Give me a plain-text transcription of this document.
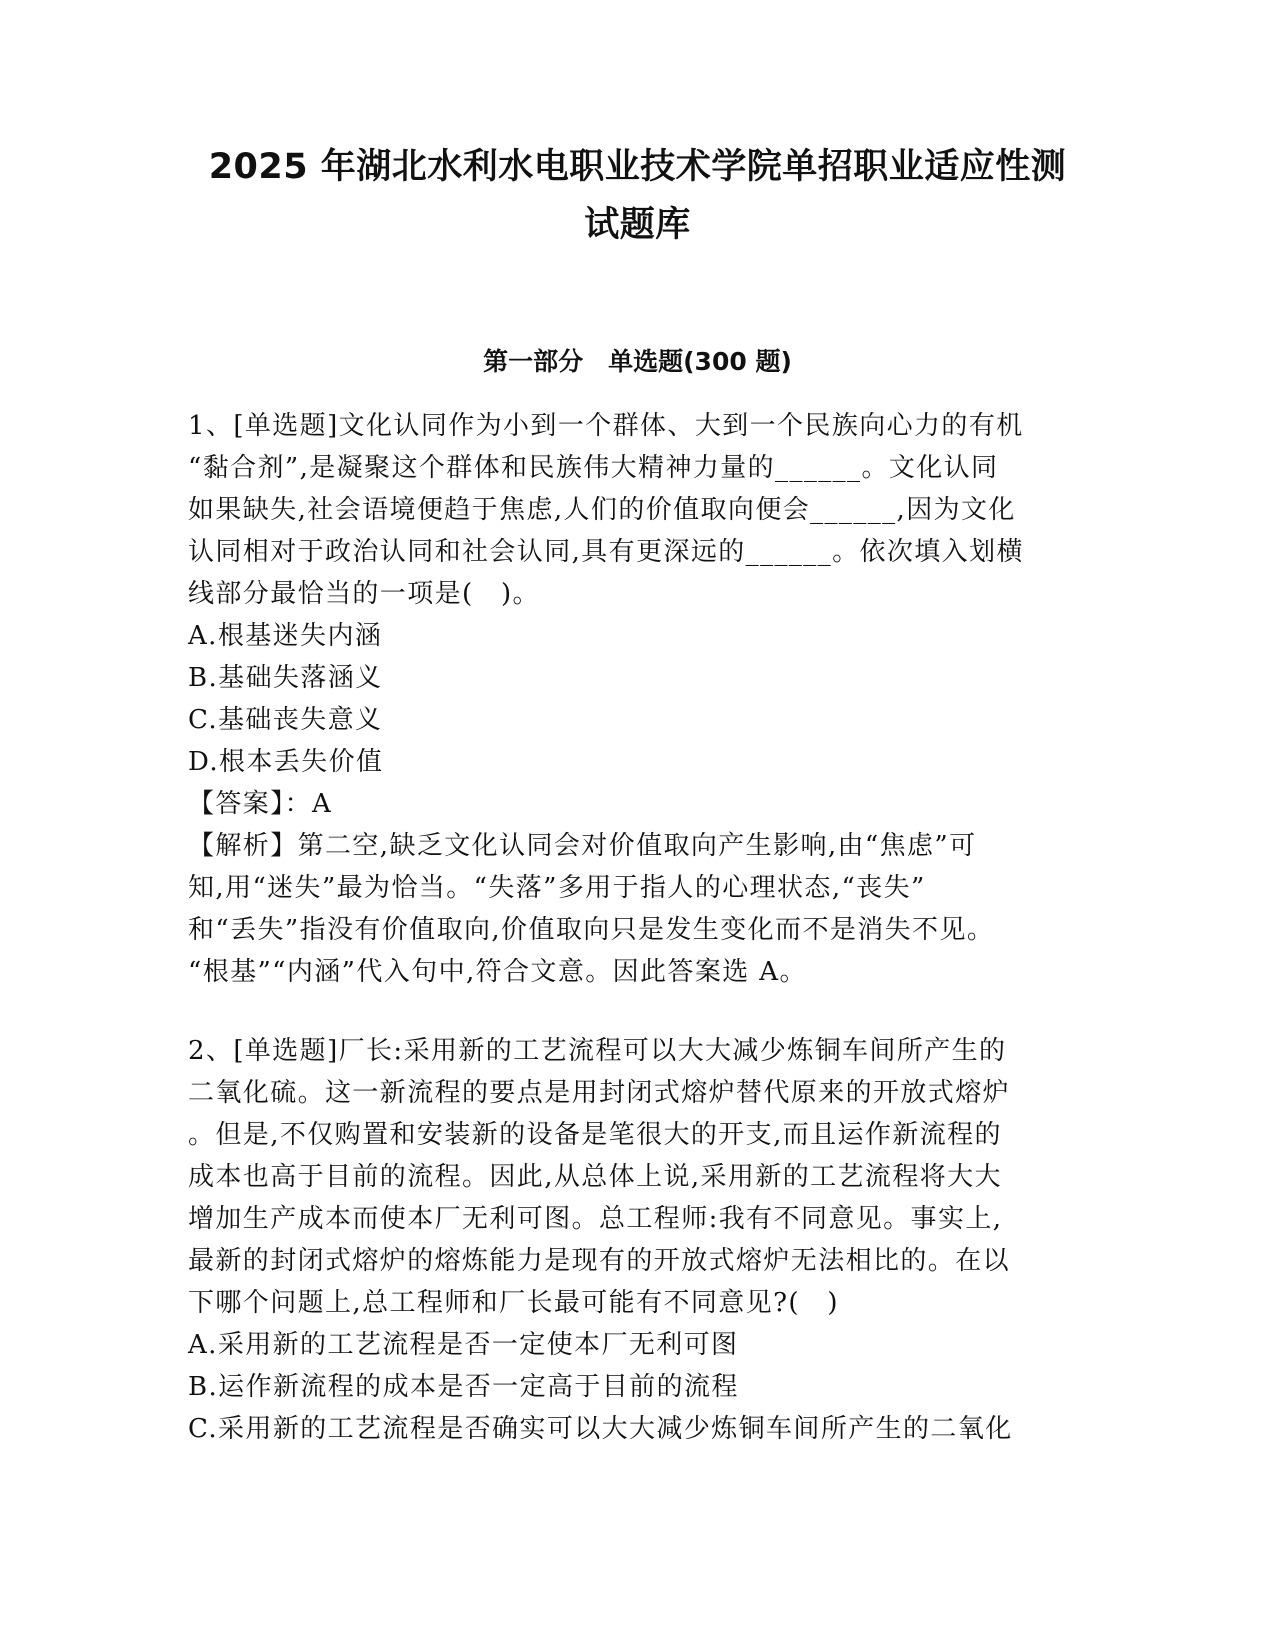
2025 年湖北水利水电职业技术学院单招职业适应性测
试题库
第一部分　单选题(300 题)
1、[单选题]文化认同作为小到一个群体、大到一个民族向心力的有机
“黏合剂”,是凝聚这个群体和民族伟大精神力量的______。文化认同
如果缺失,社会语境便趋于焦虑,人们的价值取向便会______,因为文化
认同相对于政治认同和社会认同,具有更深远的______。依次填入划横
线部分最恰当的一项是(　)。
A.根基迷失内涵
B.基础失落涵义
C.基础丧失意义
D.根本丢失价值
【答案】：A
【解析】第二空,缺乏文化认同会对价值取向产生影响,由“焦虑”可
知,用“迷失”最为恰当。“失落”多用于指人的心理状态,“丧失”
和“丢失”指没有价值取向,价值取向只是发生变化而不是消失不见。
“根基”“内涵”代入句中,符合文意。因此答案选 A。
2、[单选题]厂长:采用新的工艺流程可以大大减少炼铜车间所产生的
二氧化硫。这一新流程的要点是用封闭式熔炉替代原来的开放式熔炉
。但是,不仅购置和安装新的设备是笔很大的开支,而且运作新流程的
成本也高于目前的流程。因此,从总体上说,采用新的工艺流程将大大
增加生产成本而使本厂无利可图。总工程师:我有不同意见。事实上,
最新的封闭式熔炉的熔炼能力是现有的开放式熔炉无法相比的。在以
下哪个问题上,总工程师和厂长最可能有不同意见?(　)
A.采用新的工艺流程是否一定使本厂无利可图
B.运作新流程的成本是否一定高于目前的流程
C.采用新的工艺流程是否确实可以大大减少炼铜车间所产生的二氧化
